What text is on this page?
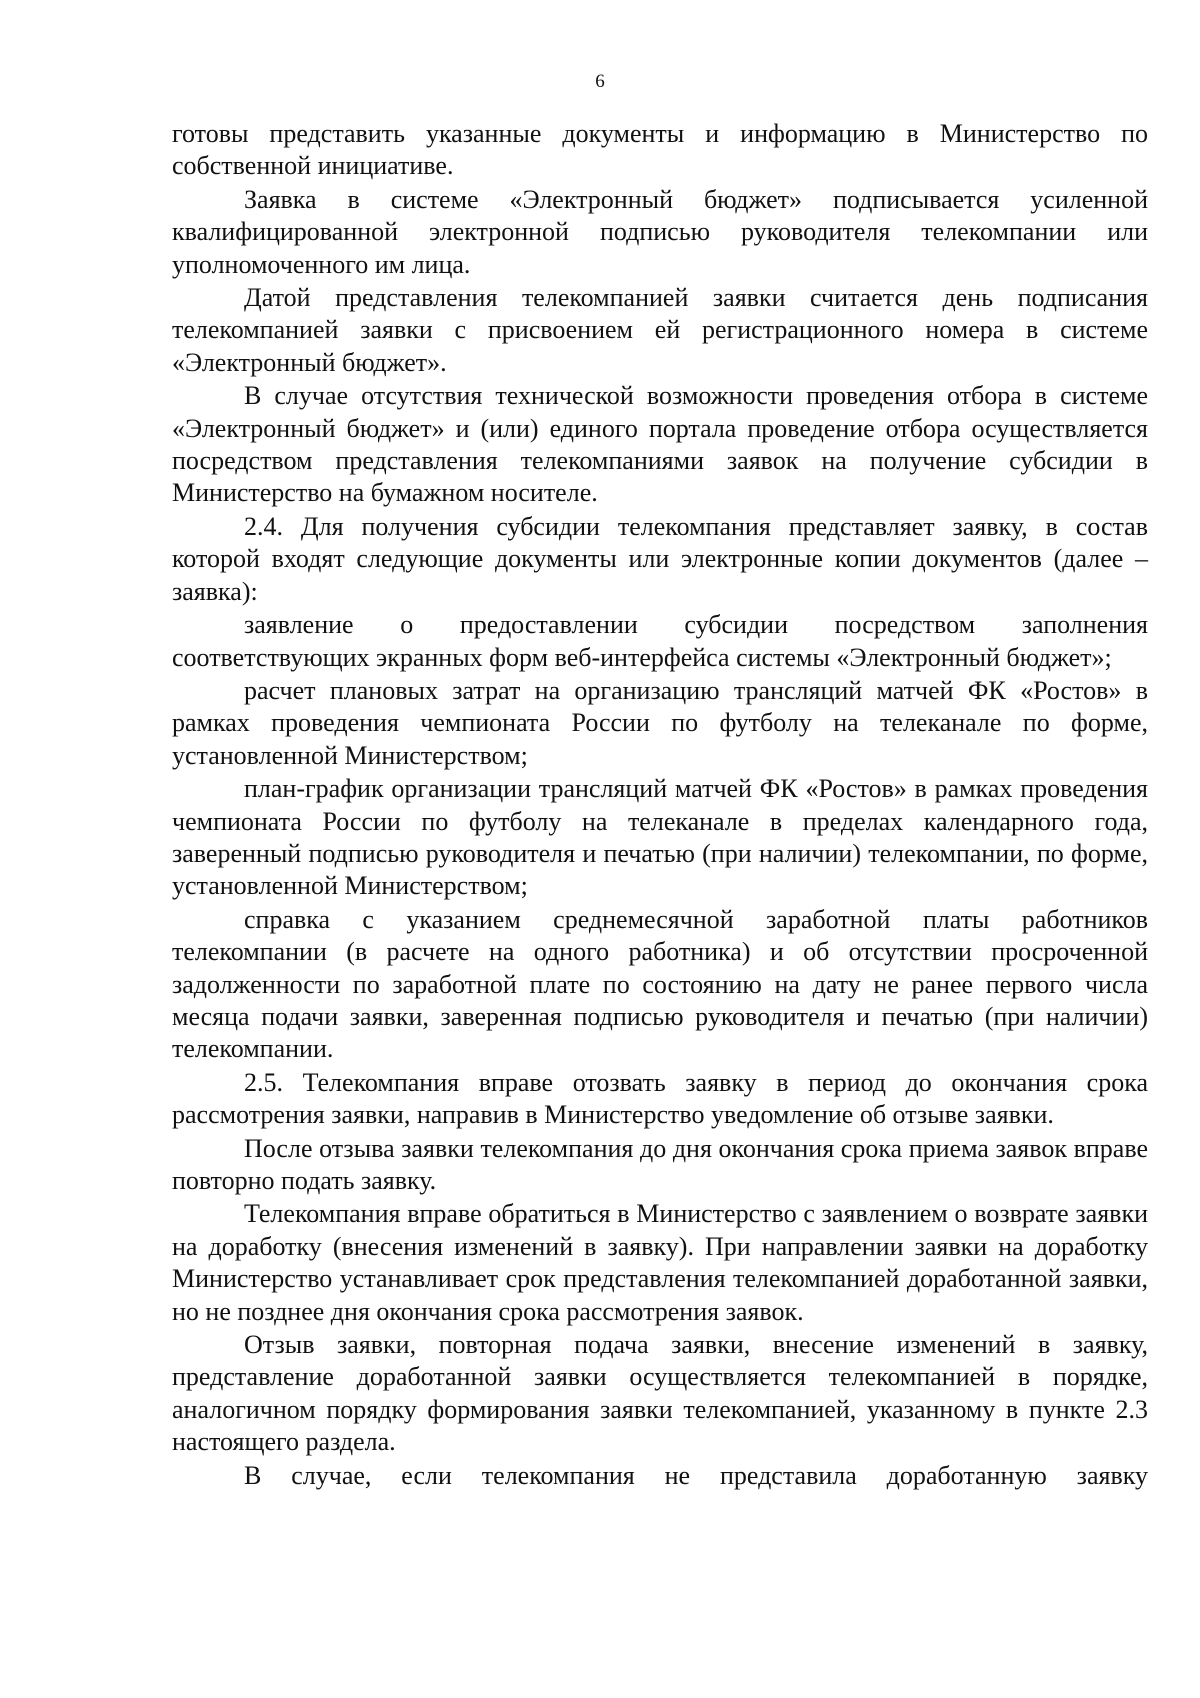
6

готовы представить указанные документы и информацию в Министерство по собственной инициативе.

Заявка в системе «Электронный бюджет» подписывается усиленной квалифицированной электронной подписью руководителя телекомпании или уполномоченного им лица.

Датой представления телекомпанией заявки считается день подписания телекомпанией заявки с присвоением ей регистрационного номера в системе «Электронный бюджет».

В случае отсутствия технической возможности проведения отбора в системе «Электронный бюджет» и (или) единого портала проведение отбора осуществляется посредством представления телекомпаниями заявок на получение субсидии в Министерство на бумажном носителе.

2.4. Для получения субсидии телекомпания представляет заявку, в состав которой входят следующие документы или электронные копии документов (далее – заявка):

заявление о предоставлении субсидии посредством заполнения соответствующих экранных форм веб-интерфейса системы «Электронный бюджет»;

расчет плановых затрат на организацию трансляций матчей ФК «Ростов» в рамках проведения чемпионата России по футболу на телеканале по форме, установленной Министерством;

план-график организации трансляций матчей ФК «Ростов» в рамках проведения чемпионата России по футболу на телеканале в пределах календарного года, заверенный подписью руководителя и печатью (при наличии) телекомпании, по форме, установленной Министерством;

справка с указанием среднемесячной заработной платы работников телекомпании (в расчете на одного работника) и об отсутствии просроченной задолженности по заработной плате по состоянию на дату не ранее первого числа месяца подачи заявки, заверенная подписью руководителя и печатью (при наличии) телекомпании.

2.5. Телекомпания вправе отозвать заявку в период до окончания срока рассмотрения заявки, направив в Министерство уведомление об отзыве заявки.

После отзыва заявки телекомпания до дня окончания срока приема заявок вправе повторно подать заявку.

Телекомпания вправе обратиться в Министерство с заявлением о возврате заявки на доработку (внесения изменений в заявку). При направлении заявки на доработку Министерство устанавливает срок представления телекомпанией доработанной заявки, но не позднее дня окончания срока рассмотрения заявок.

Отзыв заявки, повторная подача заявки, внесение изменений в заявку, представление доработанной заявки осуществляется телекомпанией в порядке, аналогичном порядку формирования заявки телекомпанией, указанному в пункте 2.3 настоящего раздела.

В случае, если телекомпания не представила доработанную заявку
